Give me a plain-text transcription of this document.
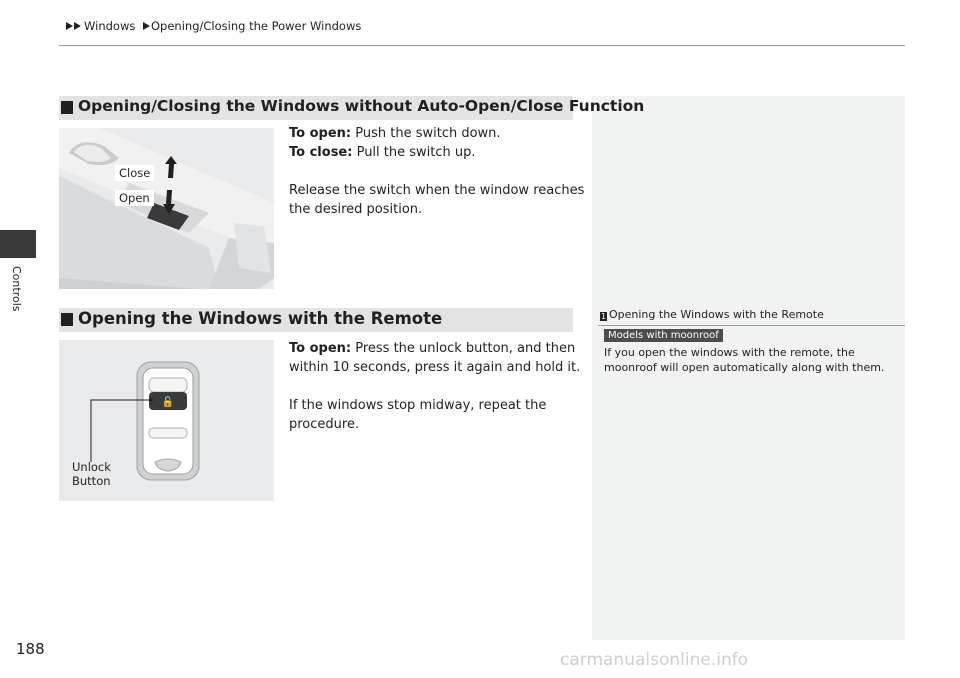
Windows Opening/Closing the Power Windows
Controls
Opening/Closing the Windows without Auto-Open/Close Function
Close
Open
To open: Push the switch down.
To close: Pull the switch up.
Release the switch when the window reaches the desired position.
Opening the Windows with the Remote
🔓
Unlock
Button
To open: Press the unlock button, and then within 10 seconds, press it again and hold it.
If the windows stop midway, repeat the procedure.
1 Opening the Windows with the Remote
Models with moonroof
If you open the windows with the remote, the moonroof will open automatically along with them.
188
carmanualsonline.info
